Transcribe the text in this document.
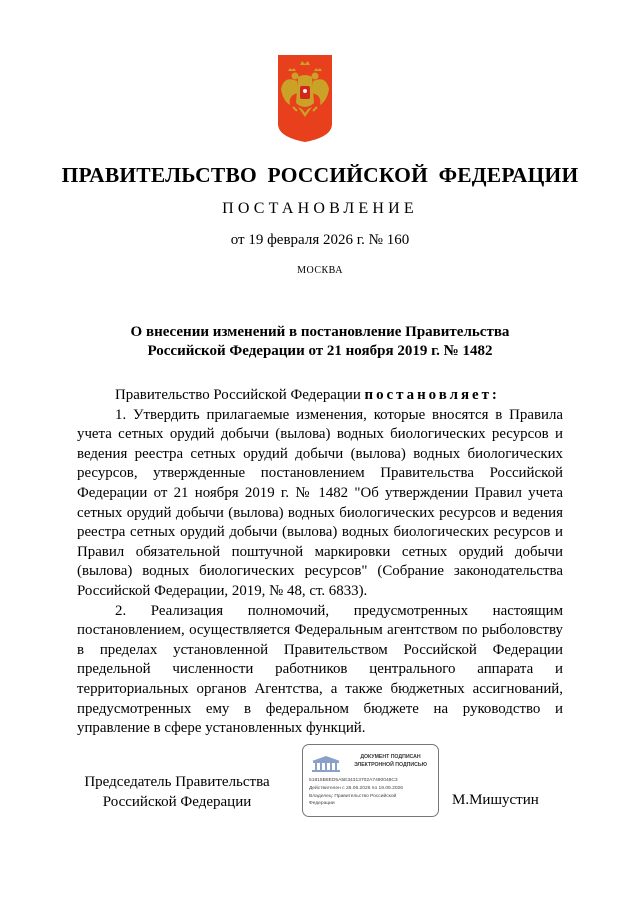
ПРАВИТЕЛЬСТВО РОССИЙСКОЙ ФЕДЕРАЦИИ
ПОСТАНОВЛЕНИЕ
от 19 февраля 2026 г. № 160
МОСКВА
О внесении изменений в постановление Правительства
Российской Федерации от 21 ноября 2019 г. № 1482

Правительство Российской Федерации постановляет:

1. Утвердить прилагаемые изменения, которые вносятся в Правила учета сетных орудий добычи (вылова) водных биологических ресурсов и ведения реестра сетных орудий добычи (вылова) водных биологических ресурсов, утвержденные постановлением Правительства Российской Федерации от 21 ноября 2019 г. № 1482 "Об утверждении Правил учета сетных орудий добычи (вылова) водных биологических ресурсов и ведения реестра сетных орудий добычи (вылова) водных биологических ресурсов и Правил обязательной поштучной маркировки сетных орудий добычи (вылова) водных биологических ресурсов" (Собрание законодательства Российской Федерации, 2019, № 48, ст. 6833).

2. Реализация полномочий, предусмотренных настоящим постановлением, осуществляется Федеральным агентством по рыболовству в пределах установленной Правительством Российской Федерации предельной численности работников центрального аппарата и территориальных органов Агентства, а также бюджетных ассигнований, предусмотренных ему в федеральном бюджете на руководство и управление в сфере установленных функций.

Председатель Правительства
Российской Федерации
ДОКУМЕНТ ПОДПИСАН
ЭЛЕКТРОННОЙ ПОДПИСЬЮ
51815B8ED5A5E34313702A7490048C3
Действителен с 26.06.2025 по 19.09.2026
Владелец: Правительство Российской
Федерации	М.Мишустин
